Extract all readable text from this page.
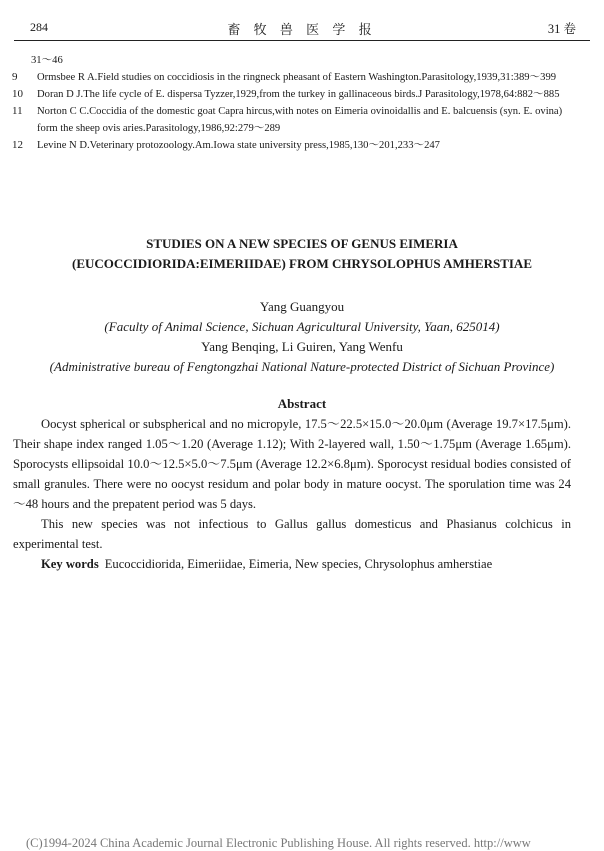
284	畜 牧 兽 医 学 报	31 卷
31～46
9 Ormsbee R A.Field studies on coccidiosis in the ringneck pheasant of Eastern Washington.Parasitology,1939,31:389～399
10 Doran D J.The life cycle of E. dispersa Tyzzer,1929,from the turkey in gallinaceous birds.J Parasitology,1978,64:882～885
11 Norton C C.Coccidia of the domestic goat Capra hircus,with notes on Eimeria ovinoidallis and E. balcuensis (syn. E. ovina) form the sheep ovis aries.Parasitology,1986,92:279～289
12 Levine N D.Veterinary protozoology.Am.Iowa state university press,1985,130～201,233～247
STUDIES ON A NEW SPECIES OF GENUS EIMERIA
(EUCOCCIDIORIDA:EIMERIIDAE) FROM CHRYSOLOPHUS AMHERSTIAE
Yang Guangyou
(Faculty of Animal Science, Sichuan Agricultural University, Yaan, 625014)
Yang Benqing, Li Guiren, Yang Wenfu
(Administrative bureau of Fengtongzhai National Nature-protected District of Sichuan Province)
Abstract

Oocyst spherical or subspherical and no micropyle, 17.5～22.5×15.0～20.0μm (Average 19.7×17.5μm). Their shape index ranged 1.05～1.20 (Average 1.12); With 2-layered wall, 1.50～1.75μm (Average 1.65μm). Sporocysts ellipsoidal 10.0～12.5×5.0～7.5μm (Average 12.2×6.8μm). Sporocyst residual bodies consisted of small granules. There were no oocyst residum and polar body in mature oocyst. The sporulation time was 24～48 hours and the prepatent period was 5 days.

This new species was not infectious to Gallus gallus domesticus and Phasianus colchicus in experimental test.

Key words Eucoccidiorida, Eimeriidae, Eimeria, New species, Chrysolophus amherstiae

(C)1994-2024 China Academic Journal Electronic Publishing House. All rights reserved. http://www
